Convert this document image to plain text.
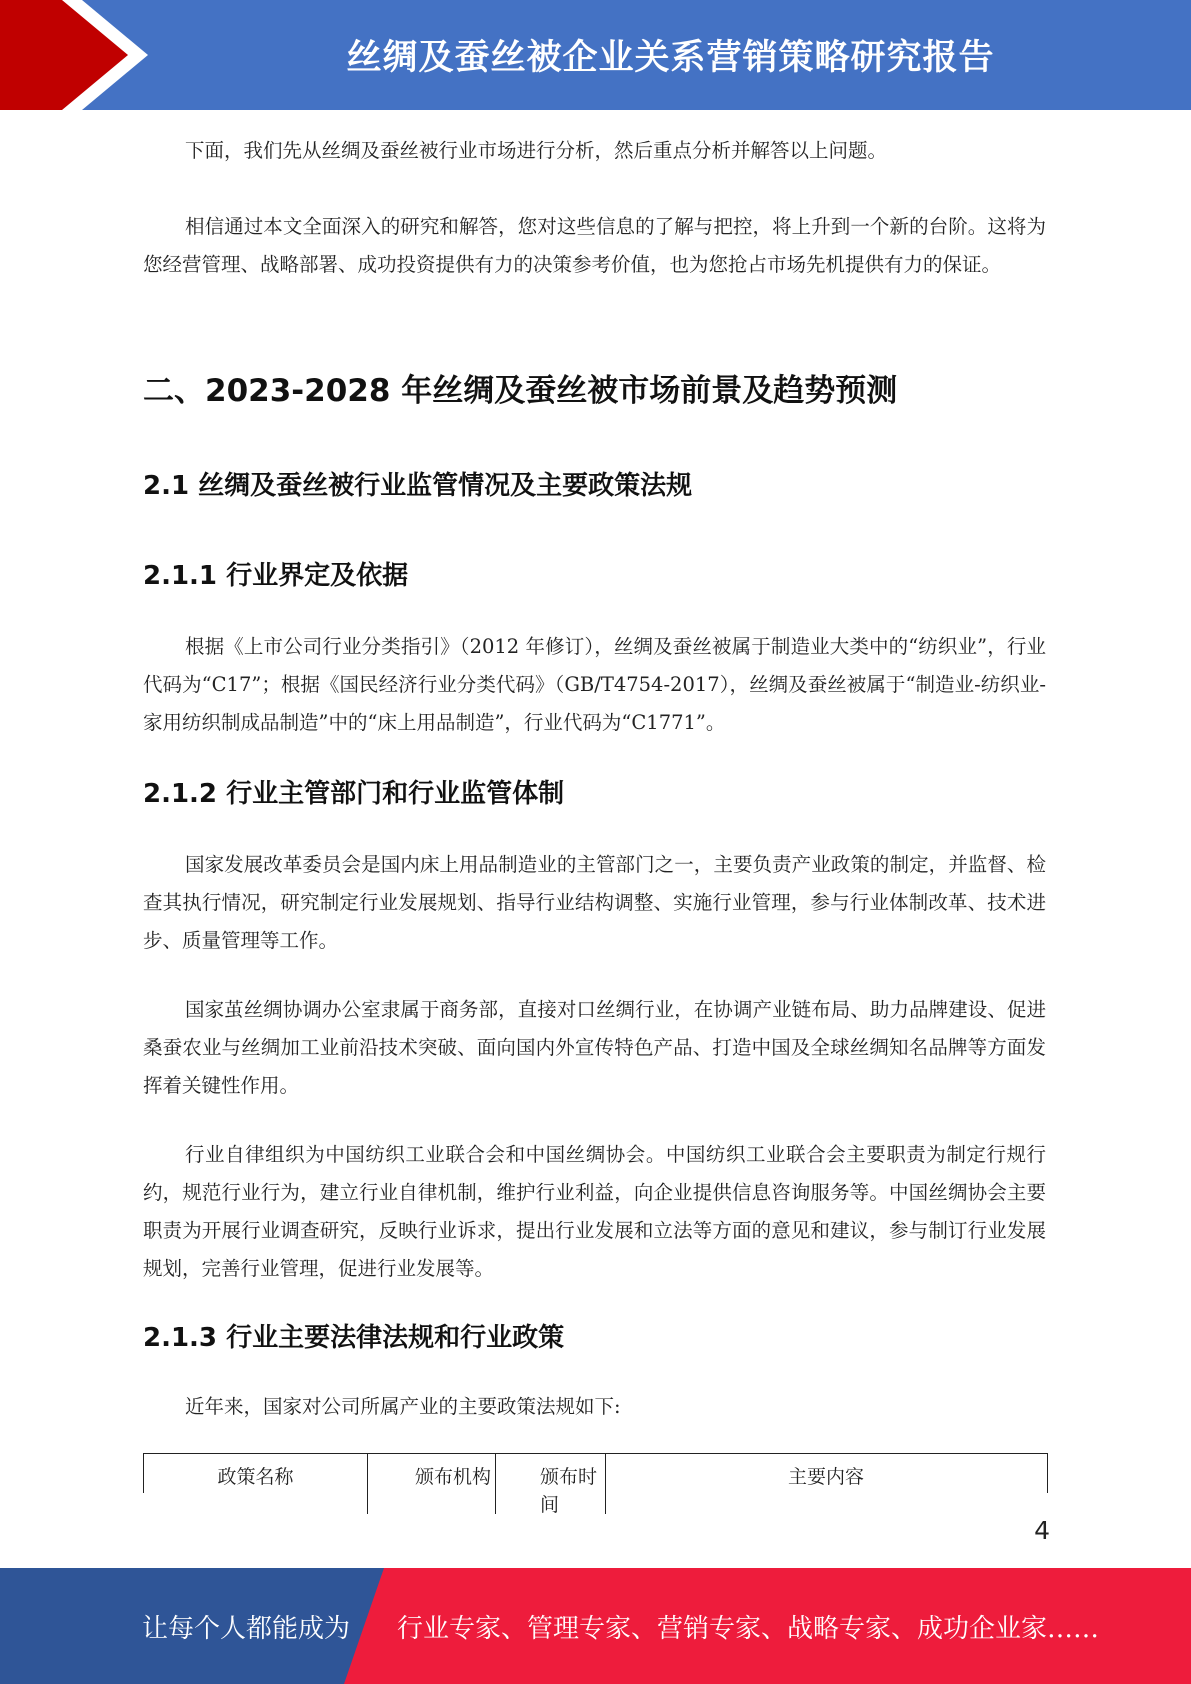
丝绸及蚕丝被企业关系营销策略研究报告

下面，我们先从丝绸及蚕丝被行业市场进行分析，然后重点分析并解答以上问题。

相信通过本文全面深入的研究和解答，您对这些信息的了解与把控，将上升到一个新的台阶。这将为您经营管理、战略部署、成功投资提供有力的决策参考价值，也为您抢占市场先机提供有力的保证。

二、2023-2028 年丝绸及蚕丝被市场前景及趋势预测
2.1 丝绸及蚕丝被行业监管情况及主要政策法规
2.1.1 行业界定及依据

根据《上市公司行业分类指引》（2012 年修订），丝绸及蚕丝被属于制造业大类中的“纺织业”，行业代码为“C17”；根据《国民经济行业分类代码》（GB/T4754-2017），丝绸及蚕丝被属于“制造业-纺织业-家用纺织制成品制造”中的“床上用品制造”，行业代码为“C1771”。

2.1.2 行业主管部门和行业监管体制

国家发展改革委员会是国内床上用品制造业的主管部门之一，主要负责产业政策的制定，并监督、检查其执行情况，研究制定行业发展规划、指导行业结构调整、实施行业管理，参与行业体制改革、技术进步、质量管理等工作。

国家茧丝绸协调办公室隶属于商务部，直接对口丝绸行业，在协调产业链布局、助力品牌建设、促进桑蚕农业与丝绸加工业前沿技术突破、面向国内外宣传特色产品、打造中国及全球丝绸知名品牌等方面发挥着关键性作用。

行业自律组织为中国纺织工业联合会和中国丝绸协会。中国纺织工业联合会主要职责为制定行规行约，规范行业行为，建立行业自律机制，维护行业利益，向企业提供信息咨询服务等。中国丝绸协会主要职责为开展行业调查研究，反映行业诉求，提出行业发展和立法等方面的意见和建议，参与制订行业发展规划，完善行业管理，促进行业发展等。

2.1.3 行业主要法律法规和行业政策

近年来，国家对公司所属产业的主要政策法规如下:

政策名称	颁布机构	颁布时间
主要内容
4
让每个人都能成为 行业专家、管理专家、营销专家、战略专家、成功企业家……
